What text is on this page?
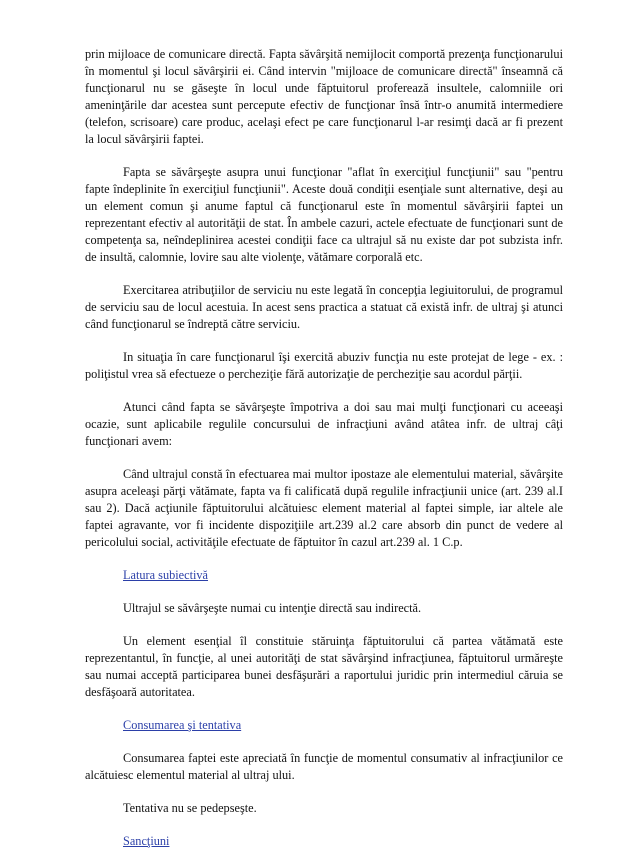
prin mijloace de comunicare directă. Fapta săvârşită nemijlocit comportă prezenţa funcţionarului în momentul şi locul săvârşirii ei. Când intervin "mijloace de comunicare directă" înseamnă că funcţionarul nu se găseşte în locul unde făptuitorul proferează insultele, calomniile ori ameninţările dar acestea sunt percepute efectiv de funcţionar însă într-o anumită intermediere (telefon, scrisoare) care produc, acelaşi efect pe care funcţionarul l-ar resimţi dacă ar fi prezent la locul săvârşirii faptei.

Fapta se săvârşeşte asupra unui funcţionar "aflat în exerciţiul funcţiunii" sau "pentru fapte îndeplinite în exerciţiul funcţiunii". Aceste două condiţii esenţiale sunt alternative, deşi au un element comun şi anume faptul că funcţionarul este în momentul săvârşirii faptei un reprezentant efectiv al autorităţii de stat. În ambele cazuri, actele efectuate de funcţionari sunt de competenţa sa, neîndeplinirea acestei condiţii face ca ultrajul să nu existe dar pot subzista infr. de insultă, calomnie, lovire sau alte violenţe, vătămare corporală etc.

Exercitarea atribuţiilor de serviciu nu este legată în concepţia legiuitorului, de programul de serviciu sau de locul acestuia. In acest sens practica a statuat că există infr. de ultraj şi atunci când funcţionarul se îndreptă către serviciu.

In situaţia în care funcţionarul îşi exercită abuziv funcţia nu este protejat de lege - ex. : poliţistul vrea să efectueze o percheziţie fără autorizaţie de percheziţie sau acordul părţii.

Atunci când fapta se săvârşeşte împotriva a doi sau mai mulţi funcţionari cu aceeaşi ocazie, sunt aplicabile regulile concursului de infracţiuni având atâtea infr. de ultraj câţi funcţionari avem:

Când ultrajul constă în efectuarea mai multor ipostaze ale elementului material, săvârşite asupra aceleaşi părţi vătămate, fapta va fi calificată după regulile infracţiunii unice (art. 239 al.I sau 2). Dacă acţiunile făptuitorului alcătuiesc element material al faptei simple, iar altele ale faptei agravante, vor fi incidente dispoziţiile art.239 al.2 care absorb din punct de vedere al pericolului social, activităţile efectuate de făptuitor în cazul art.239 al. 1 C.p.

Latura subiectivă

Ultrajul se săvârşeşte numai cu intenţie directă sau indirectă.

Un element esenţial îl constituie stăruinţa făptuitorului că partea vătămată este reprezentantul, în funcţie, al unei autorităţi de stat săvârşind infracţiunea, făptuitorul urmăreşte sau numai acceptă participarea bunei desfăşurări a raportului juridic prin intermediul căruia se desfăşoară autoritatea.

Consumarea şi tentativa

Consumarea faptei este apreciată în funcţie de momentul consumativ al infracţiunilor ce alcătuiesc elementul material al ultraj ului.

Tentativa nu se pedepseşte.

Sancţiuni
